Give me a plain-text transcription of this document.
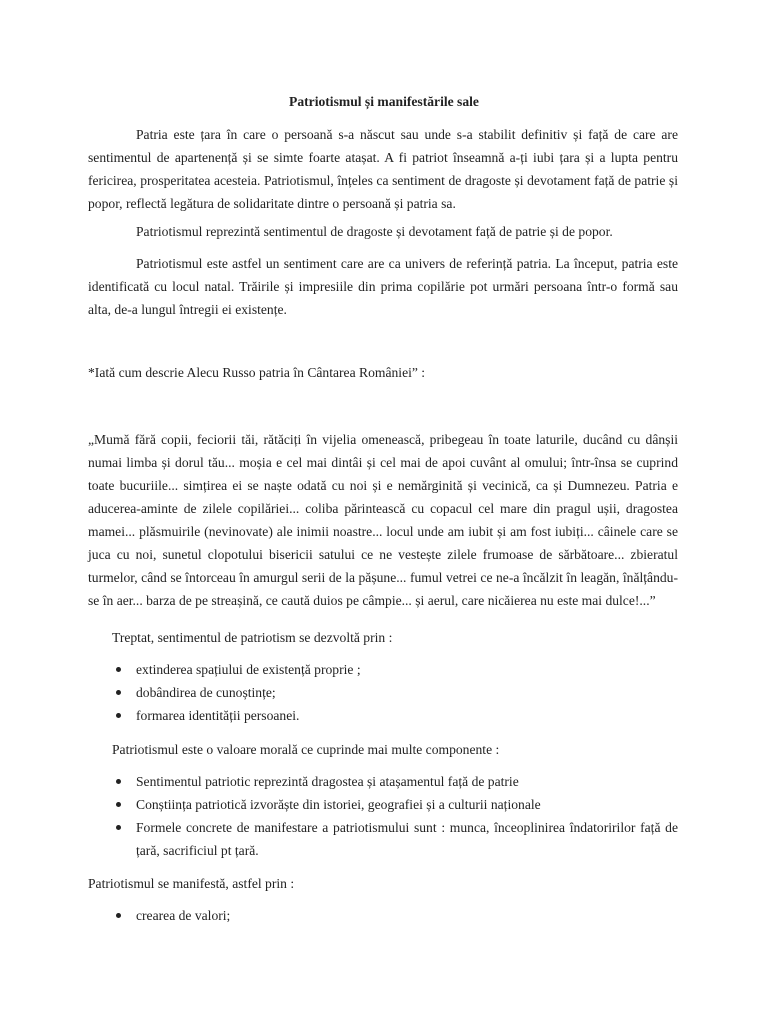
Patriotismul și manifestările sale

Patria este țara în care o persoană s-a născut sau unde s-a stabilit definitiv și față de care are sentimentul de apartenență și se simte foarte atașat. A fi patriot înseamnă a-ți iubi țara și a lupta pentru fericirea, prosperitatea acesteia. Patriotismul, înțeles ca sentiment de dragoste și devotament față de patrie și popor, reflectă legătura de solidaritate dintre o persoană și patria sa.

Patriotismul reprezintă sentimentul de dragoste și devotament față de patrie și de popor.

Patriotismul este astfel un sentiment care are ca univers de referință patria. La început, patria este identificată cu locul natal. Trăirile și impresiile din prima copilărie pot urmări persoana într-o formă sau alta, de-a lungul întregii ei existențe.

*Iată cum descrie Alecu Russo patria în Cântarea României” :

„Mumă fără copii, feciorii tăi, rătăciți în vijelia omenească, pribegeau în toate laturile, ducând cu dânșii numai limba și dorul tău... moșia e cel mai dintâi și cel mai de apoi cuvânt al omului; într-însa se cuprind toate bucuriile... simțirea ei se naște odată cu noi și e nemărginită și vecinică, ca și Dumnezeu. Patria e aducerea-aminte de zilele copilăriei... coliba părintească cu copacul cel mare din pragul ușii, dragostea mamei... plăsmuirile (nevinovate) ale inimii noastre... locul unde am iubit și am fost iubiți... câinele care se juca cu noi, sunetul clopotului bisericii satului ce ne vestește zilele frumoase de sărbătoare... zbieratul turmelor, când se întorceau în amurgul serii de la pășune... fumul vetrei ce ne-a încălzit în leagăn, înălțându-se în aer... barza de pe streașină, ce caută duios pe câmpie... și aerul, care nicăierea nu este mai dulce!...”

Treptat, sentimentul de patriotism se dezvoltă prin :

extinderea spațiului de existență proprie ;
dobândirea de cunoștințe;
formarea identității persoanei.

Patriotismul este o valoare morală ce cuprinde mai multe componente :

Sentimentul patriotic reprezintă dragostea și atașamentul față de patrie
Conștiința patriotică izvorăște din istoriei, geografiei și a culturii naționale
Formele concrete de manifestare a patriotismului sunt : munca, înceoplinirea îndatoririlor față de țară, sacrificiul pt țară.

Patriotismul se manifestă, astfel prin :

crearea de valori;
